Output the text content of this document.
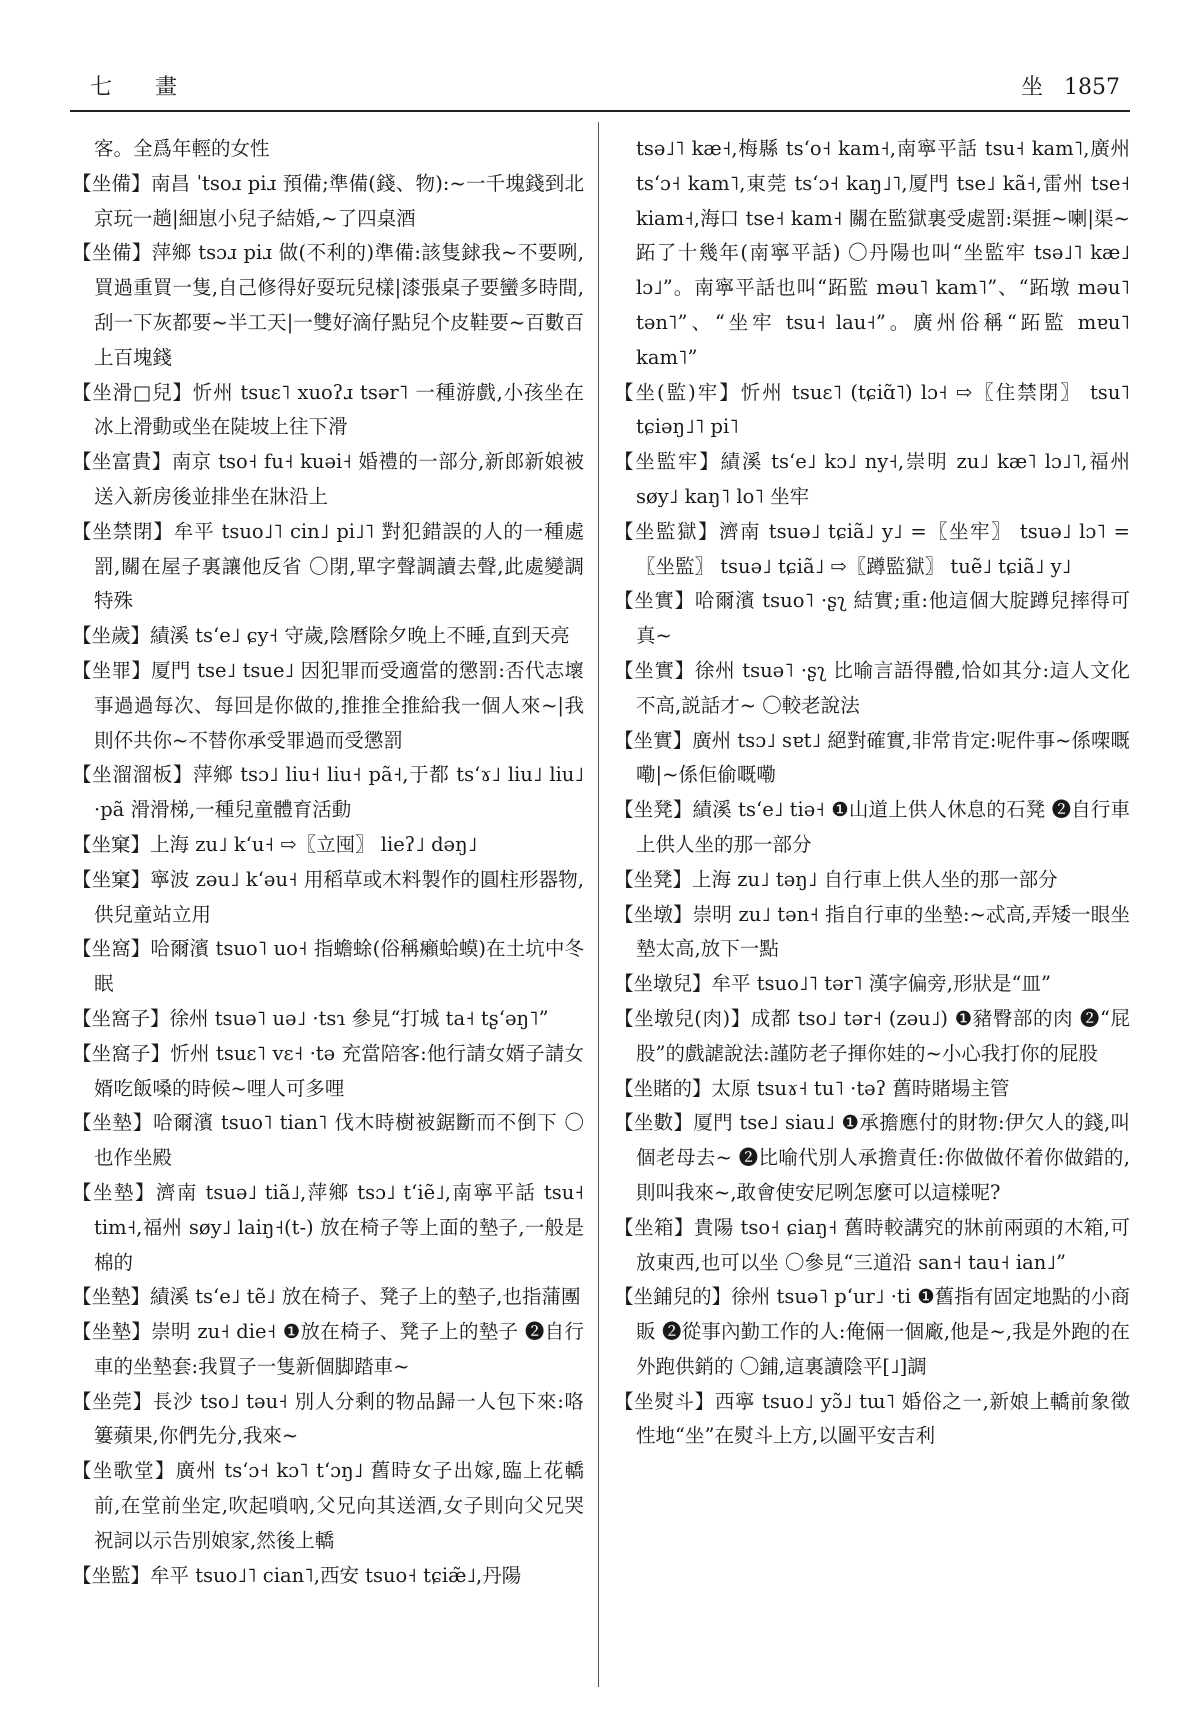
七 畫	坐 1857

客。全爲年輕的女性

【坐備】南昌 ˈtsoɹ piɹ 預備;準備(錢、物):~一千塊錢到北京玩一趟|細崽小兒子結婚,~了四桌酒

【坐備】萍鄉 tsɔɹ piɹ 做(不利的)準備:該隻銶我~不要咧,買過重買一隻,自己修得好耍玩兒樣|漆張桌子要蠻多時間,刮一下灰都要~半工天|一雙好滴仔點兒个皮鞋要~百數百上百塊錢

【坐滑□兒】忻州 tsuɛ˥ xuoʔɹ tsər˥ 一種游戲,小孩坐在冰上滑動或坐在陡坡上往下滑

【坐富貴】南京 tso˧ fu˧ kuəi˧ 婚禮的一部分,新郎新娘被送入新房後並排坐在牀沿上

【坐禁閉】牟平 tsuo˩˥ cin˩ pi˩˥ 對犯錯誤的人的一種處罰,關在屋子裏讓他反省 〇閉,單字聲調讀去聲,此處變調特殊

【坐歲】績溪 tsʻe˩ ɕy˧ 守歲,陰曆除夕晚上不睡,直到天亮

【坐罪】厦門 tse˩ tsue˩ 因犯罪而受適當的懲罰:否代志壞事過過每次、每回是你做的,推推全推給我一個人來~|我則伓共你~不替你承受罪過而受懲罰

【坐溜溜板】萍鄉 tsɔ˩ liu˧ liu˧ pã˧,于都 tsʻɤ˩ liu˩ liu˩ ·pã 滑滑梯,一種兒童體育活動

【坐窠】上海 zu˩ kʻu˧ ⇨〖立囤〗 lieʔ˩ dəŋ˩

【坐窠】寧波 zəu˩ kʻəu˧ 用稻草或木料製作的圓柱形器物,供兒童站立用

【坐窩】哈爾濱 tsuo˥ uo˧ 指蟾蜍(俗稱癩蛤蟆)在土坑中冬眠

【坐窩子】徐州 tsuə˥ uə˩ ·tsɿ 參見“打城 ta˧ tʂʻəŋ˥”

【坐窩子】忻州 tsuɛ˥ vɛ˧ ·tə 充當陪客:他行請女婿子請女婿吃飯嗓的時候~哩人可多哩

【坐墊】哈爾濱 tsuo˥ tian˥ 伐木時樹被鋸斷而不倒下 〇也作坐殿

【坐墊】濟南 tsuə˩ tiã˩,萍鄉 tsɔ˩ tʻiẽ˩,南寧平話 tsu˧ tim˧,福州 søy˩ laiŋ˧(t-) 放在椅子等上面的墊子,一般是棉的

【坐墊】績溪 tsʻe˩ tẽ˩ 放在椅子、凳子上的墊子,也指蒲團

【坐墊】崇明 zu˧ die˧ ❶放在椅子、凳子上的墊子 ❷自行車的坐墊套:我買子一隻新個脚踏車~

【坐莞】長沙 tso˩ təu˧ 別人分剩的物品歸一人包下來:咯簍蘋果,你們先分,我來~

【坐歌堂】廣州 tsʻɔ˧ kɔ˥ tʻɔŋ˩ 舊時女子出嫁,臨上花轎前,在堂前坐定,吹起嗩吶,父兄向其送酒,女子則向父兄哭祝詞以示告別娘家,然後上轎

【坐監】牟平 tsuo˩˥ cian˥,西安 tsuo˧ tɕiæ̃˩,丹陽

tsə˩˥ kæ˧,梅縣 tsʻo˧ kam˧,南寧平話 tsu˧ kam˥,廣州 tsʻɔ˧ kam˥,東莞 tsʻɔ˧ kaŋ˩˥,厦門 tse˩ kã˧,雷州 tse˧ kiam˧,海口 tse˧ kam˧ 關在監獄裏受處罰:渠捱~喇|渠~跖了十幾年(南寧平話) 〇丹陽也叫“坐監牢 tsə˩˥ kæ˩ lɔ˩”。南寧平話也叫“跖監 məu˥ kam˥”、“跖墩 məu˥ tən˥”、“坐牢 tsu˧ lau˧”。廣州俗稱“跖監 mɐu˥ kam˥”

【坐(監)牢】忻州 tsuɛ˥ (tɕiɑ̃˥) lɔ˧ ⇨〖住禁閉〗 tsu˥ tɕiəŋ˩˥ pi˥

【坐監牢】績溪 tsʻe˩ kɔ˩ ny˧,崇明 zu˩ kæ˥ lɔ˩˥,福州 søy˩ kaŋ˥ lo˥ 坐牢

【坐監獄】濟南 tsuə˩ tɕiã˩ y˩ =〖坐牢〗 tsuə˩ lɔ˥ =〖坐監〗 tsuə˩ tɕiã˩ ⇨〖蹲監獄〗 tuẽ˩ tɕiã˩ y˩

【坐實】哈爾濱 tsuo˥ ·ʂʅ 結實;重:他這個大腚蹲兒摔得可真~

【坐實】徐州 tsuə˥ ·ʂʅ 比喻言語得體,恰如其分:這人文化不高,説話才~ 〇較老說法

【坐實】廣州 tsɔ˩ sɐt˩ 絕對確實,非常肯定:呢件事~係㗎嘅嘞|~係佢偷嘅嘞

【坐凳】績溪 tsʻe˩ tiə˧ ❶山道上供人休息的石凳 ❷自行車上供人坐的那一部分

【坐凳】上海 zu˩ təŋ˩ 自行車上供人坐的那一部分

【坐墩】崇明 zu˩ tən˧ 指自行車的坐墊:~忒高,弄矮一眼坐墊太高,放下一點

【坐墩兒】牟平 tsuo˩˥ tər˥ 漢字偏旁,形狀是“皿”

【坐墩兒(肉)】成都 tso˩ tər˧ (zəu˩) ❶豬臀部的肉 ❷“屁股”的戲謔說法:謹防老子揮你娃的~小心我打你的屁股

【坐賭的】太原 tsuɤ˧ tu˥ ·təʔ 舊時賭場主管

【坐數】厦門 tse˩ siau˩ ❶承擔應付的財物:伊欠人的錢,叫個老母去~ ❷比喻代別人承擔責任:你做做伓着你做錯的,則叫我來~,敢會使安尼咧怎麼可以這樣呢?

【坐箱】貴陽 tso˧ ɕiaŋ˧ 舊時較講究的牀前兩頭的木箱,可放東西,也可以坐 〇參見“三道沿 san˧ tau˧ ian˩”

【坐鋪兒的】徐州 tsuə˥ pʻur˩ ·ti ❶舊指有固定地點的小商販 ❷從事內勤工作的人:俺倆一個廠,他是~,我是外跑的在外跑供銷的 〇鋪,這裏讀陰平[˩]調

【坐熨斗】西寧 tsuo˩ yɔ̃˩ tɯ˥ 婚俗之一,新娘上轎前象徵性地“坐”在熨斗上方,以圖平安吉利
